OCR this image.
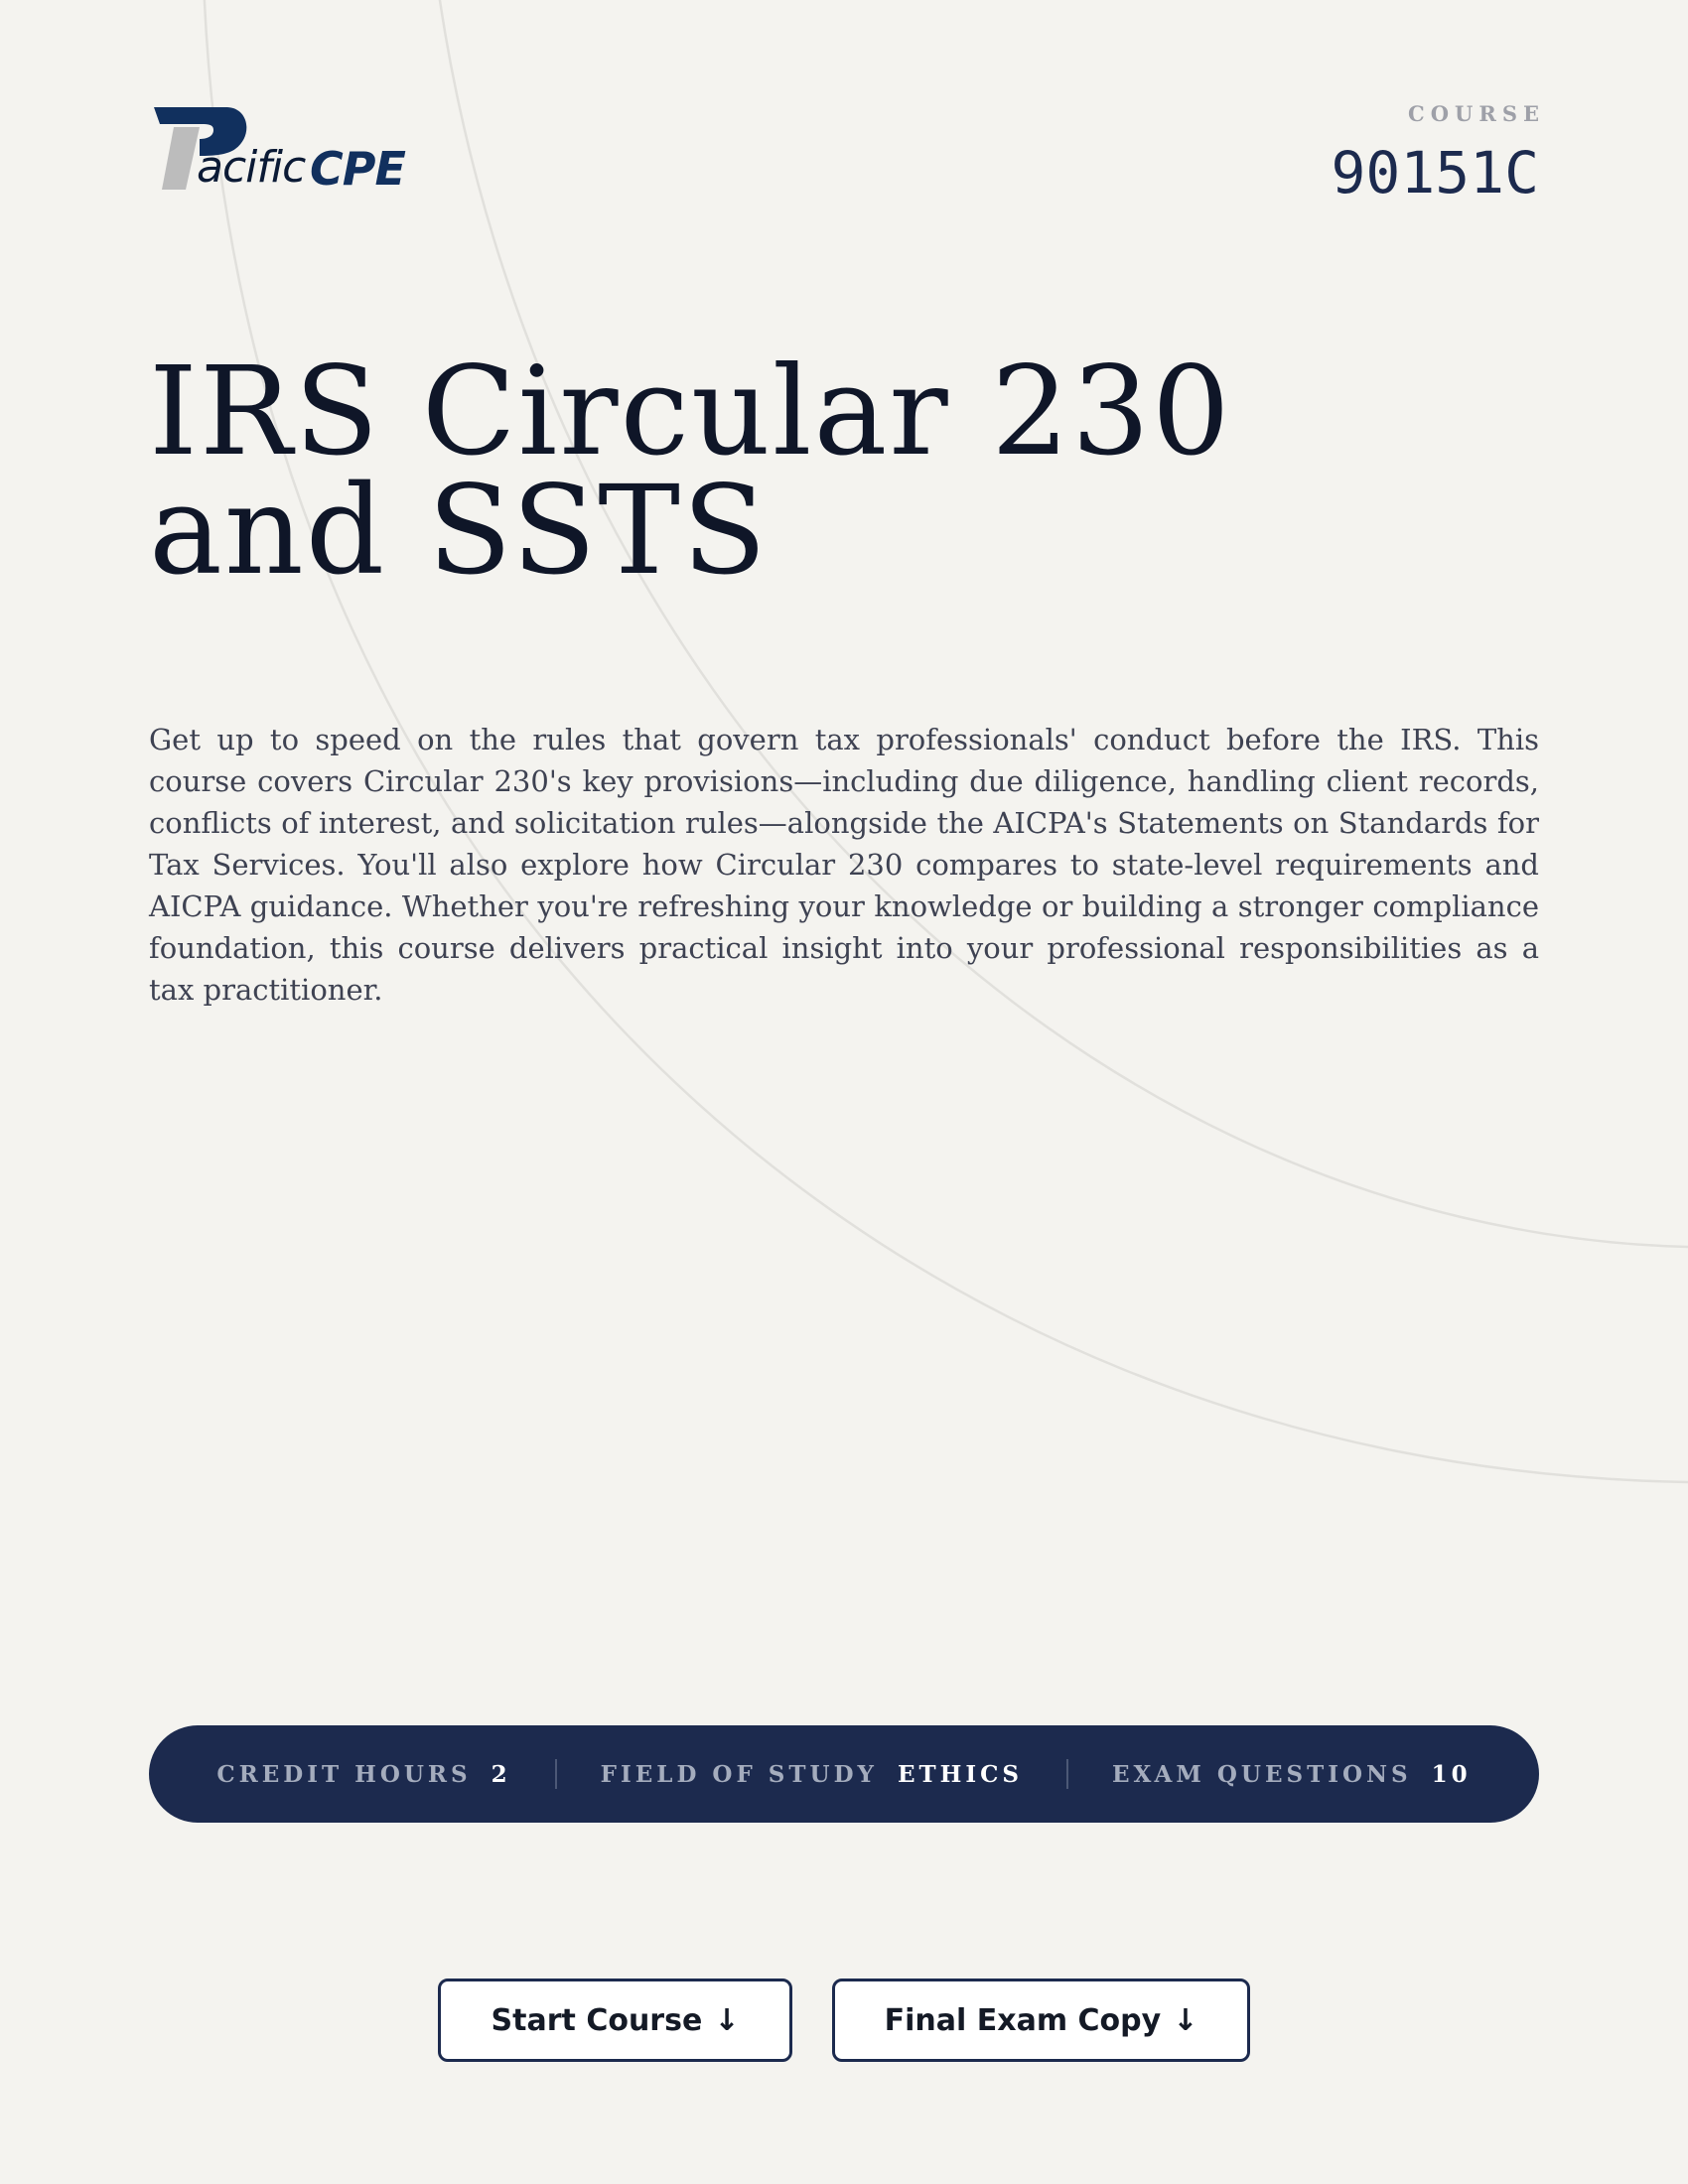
acific CPE
COURSE
90151C
IRS Circular 230
and SSTS

Get up to speed on the rules that govern tax professionals' conduct before the IRS. This course covers Circular 230's key provisions—including due diligence, handling client records, conflicts of interest, and solicitation rules—alongside the AICPA's Statements on Standards for Tax Services. You'll also explore how Circular 230 compares to state-level requirements and AICPA guidance. Whether you're refreshing your knowledge or building a stronger compliance foundation, this course delivers practical insight into your professional responsibilities as a tax practitioner.

CREDIT HOURS 2	FIELD OF STUDY ETHICS	EXAM QUESTIONS 10
Start Course ↓	Final Exam Copy ↓
